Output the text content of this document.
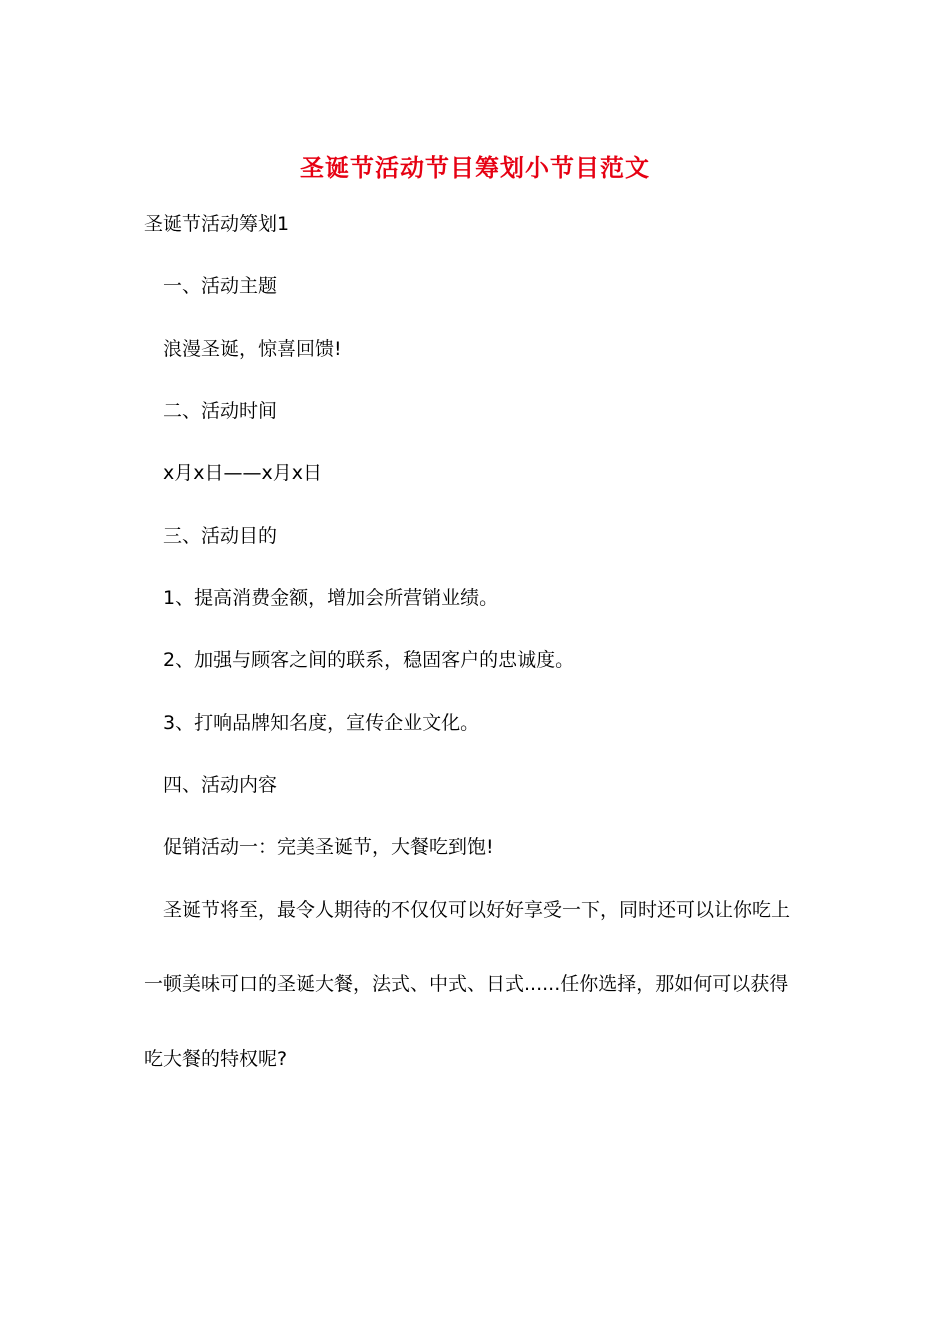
圣诞节活动节目筹划小节目范文

圣诞节活动筹划1

一、活动主题

浪漫圣诞，惊喜回馈!

二、活动时间

x月x日——x月x日

三、活动目的

1、提高消费金额，增加会所营销业绩。

2、加强与顾客之间的联系，稳固客户的忠诚度。

3、打响品牌知名度，宣传企业文化。

四、活动内容

促销活动一：完美圣诞节，大餐吃到饱!

圣诞节将至，最令人期待的不仅仅可以好好享受一下，同时还可以让你吃上

一顿美味可口的圣诞大餐，法式、中式、日式......任你选择，那如何可以获得

吃大餐的特权呢?
